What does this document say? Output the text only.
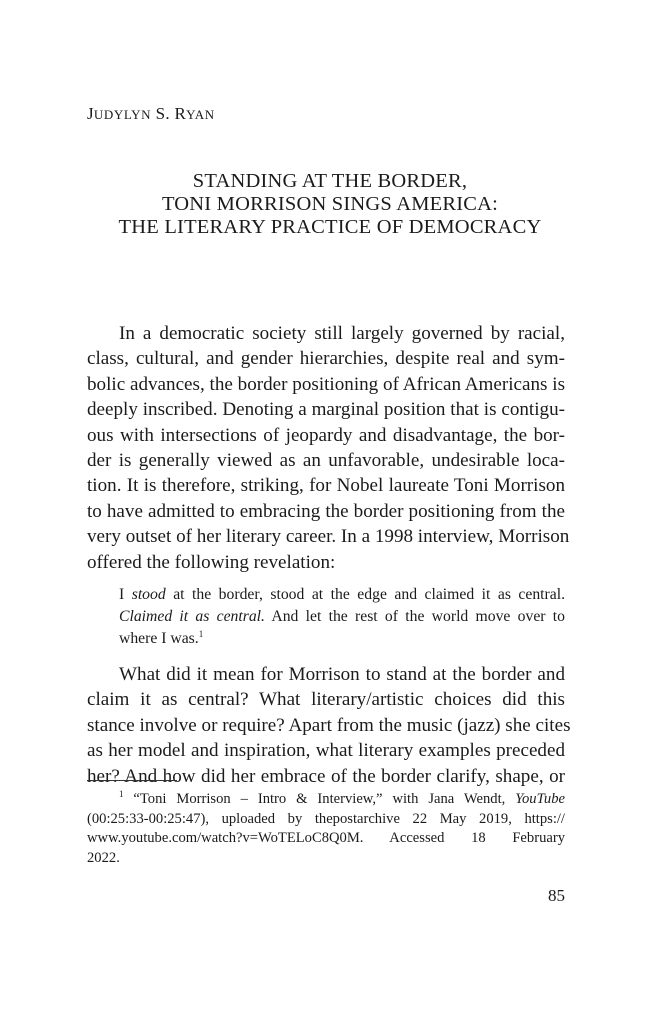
JUDYLYN S. RYAN
STANDING AT THE BORDER,
TONI MORRISON SINGS AMERICA:
THE LITERARY PRACTICE OF DEMOCRACY

In a democratic society still largely governed by racial,
class, cultural, and gender hierarchies, despite real and sym-
bolic advances, the border positioning of African Americans is
deeply inscribed. Denoting a marginal position that is contigu-
ous with intersections of jeopardy and disadvantage, the bor-
der is generally viewed as an unfavorable, undesirable loca-
tion. It is therefore, striking, for Nobel laureate Toni Morrison
to have admitted to embracing the border positioning from the
very outset of her literary career. In a 1998 interview, Morrison
offered the following revelation:

I stood at the border, stood at the edge and claimed it as central.
Claimed it as central. And let the rest of the world move over to
where I was.$^1$

What did it mean for Morrison to stand at the border and
claim it as central? What literary/artistic choices did this
stance involve or require? Apart from the music (jazz) she cites
as her model and inspiration, what literary examples preceded
her? And how did her embrace of the border clarify, shape, or

$^1$ “Toni Morrison – Intro & Interview,” with Jana Wendt, YouTube
(00:25:33-00:25:47), uploaded by thepostarchive 22 May 2019, https://
www.youtube.com/watch?v=WoTELoC8Q0M. Accessed 18 February
2022.
85
